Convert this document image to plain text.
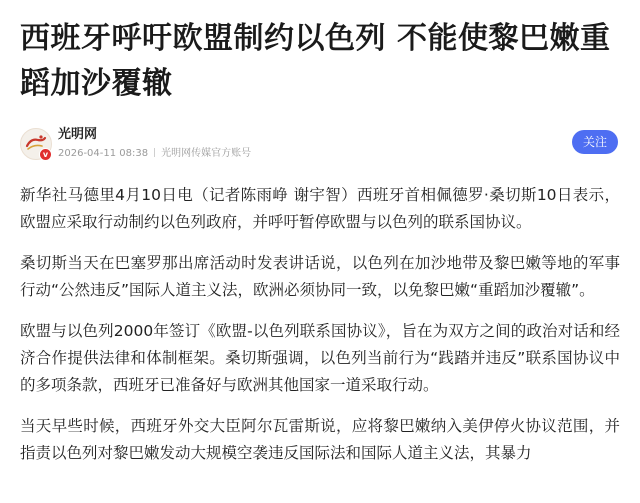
西班牙呼吁欧盟制约以色列 不能使黎巴嫩重蹈加沙覆辙
v
光明网
2026-04-11 08:38 光明网传媒官方账号
关注

新华社马德里4月10日电（记者陈雨峥 谢宇智）西班牙首相佩德罗·桑切斯10日表示，欧盟应采取行动制约以色列政府，并呼吁暂停欧盟与以色列的联系国协议。

桑切斯当天在巴塞罗那出席活动时发表讲话说，以色列在加沙地带及黎巴嫩等地的军事行动“公然违反”国际人道主义法，欧洲必须协同一致，以免黎巴嫩“重蹈加沙覆辙”。

欧盟与以色列2000年签订《欧盟-以色列联系国协议》，旨在为双方之间的政治对话和经济合作提供法律和体制框架。桑切斯强调，以色列当前行为“践踏并违反”联系国协议中的多项条款，西班牙已准备好与欧洲其他国家一道采取行动。

当天早些时候，西班牙外交大臣阿尔瓦雷斯说，应将黎巴嫩纳入美伊停火协议范围，并指责以色列对黎巴嫩发动大规模空袭违反国际法和国际人道主义法，其暴力
